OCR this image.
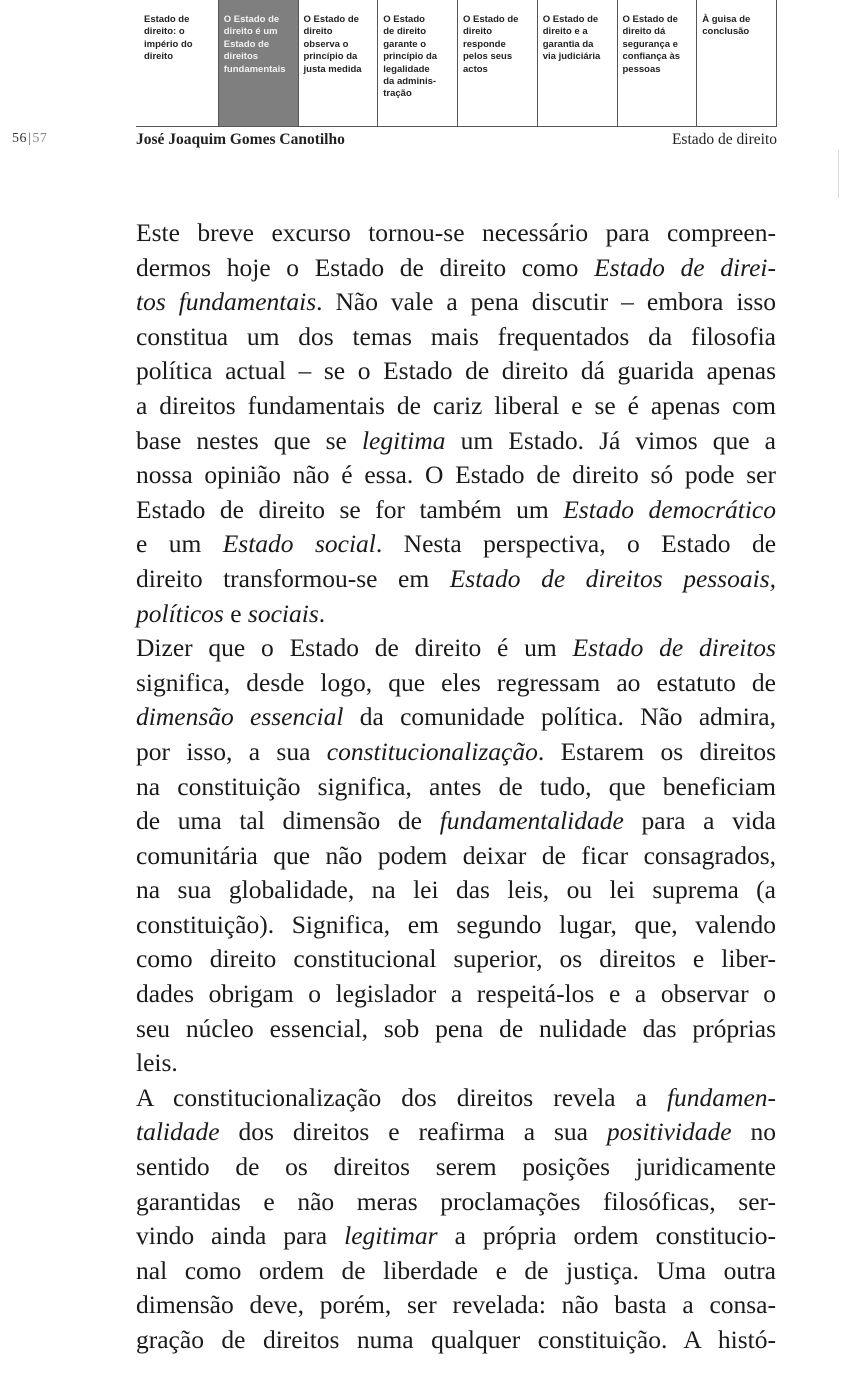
Estado de
direito: o
império do
direito
O Estado de
direito é um
Estado de
direitos
fundamentais
O Estado de
direito
observa o
princípio da
justa medida
O Estado
de direito
garante o
princípio da
legalidade
da adminis-
tração
O Estado de
direito
responde
pelos seus
actos
O Estado de
direito e a
garantia da
via judiciária
O Estado de
direito dá
segurança e
confiança às
pessoas
À guisa de
conclusão
56|57	José Joaquim Gomes Canotilho	Estado de direito

Este breve excurso tornou-se necessário para compreen-
dermos hoje o Estado de direito como Estado de direi-
tos fundamentais. Não vale a pena discutir – embora isso
constitua um dos temas mais frequentados da filosofia
política actual – se o Estado de direito dá guarida apenas
a direitos fundamentais de cariz liberal e se é apenas com
base nestes que se legitima um Estado. Já vimos que a
nossa opinião não é essa. O Estado de direito só pode ser
Estado de direito se for também um Estado democrático
e um Estado social. Nesta perspectiva, o Estado de
direito transformou-se em Estado de direitos pessoais,
políticos e sociais.

Dizer que o Estado de direito é um Estado de direitos
significa, desde logo, que eles regressam ao estatuto de
dimensão essencial da comunidade política. Não admira,
por isso, a sua constitucionalização. Estarem os direitos
na constituição significa, antes de tudo, que beneficiam
de uma tal dimensão de fundamentalidade para a vida
comunitária que não podem deixar de ficar consagrados,
na sua globalidade, na lei das leis, ou lei suprema (a
constituição). Significa, em segundo lugar, que, valendo
como direito constitucional superior, os direitos e liber-
dades obrigam o legislador a respeitá-los e a observar o
seu núcleo essencial, sob pena de nulidade das próprias
leis.

A constitucionalização dos direitos revela a fundamen-
talidade dos direitos e reafirma a sua positividade no
sentido de os direitos serem posições juridicamente
garantidas e não meras proclamações filosóficas, ser-
vindo ainda para legitimar a própria ordem constitucio-
nal como ordem de liberdade e de justiça. Uma outra
dimensão deve, porém, ser revelada: não basta a consa-
gração de direitos numa qualquer constituição. A histó-
